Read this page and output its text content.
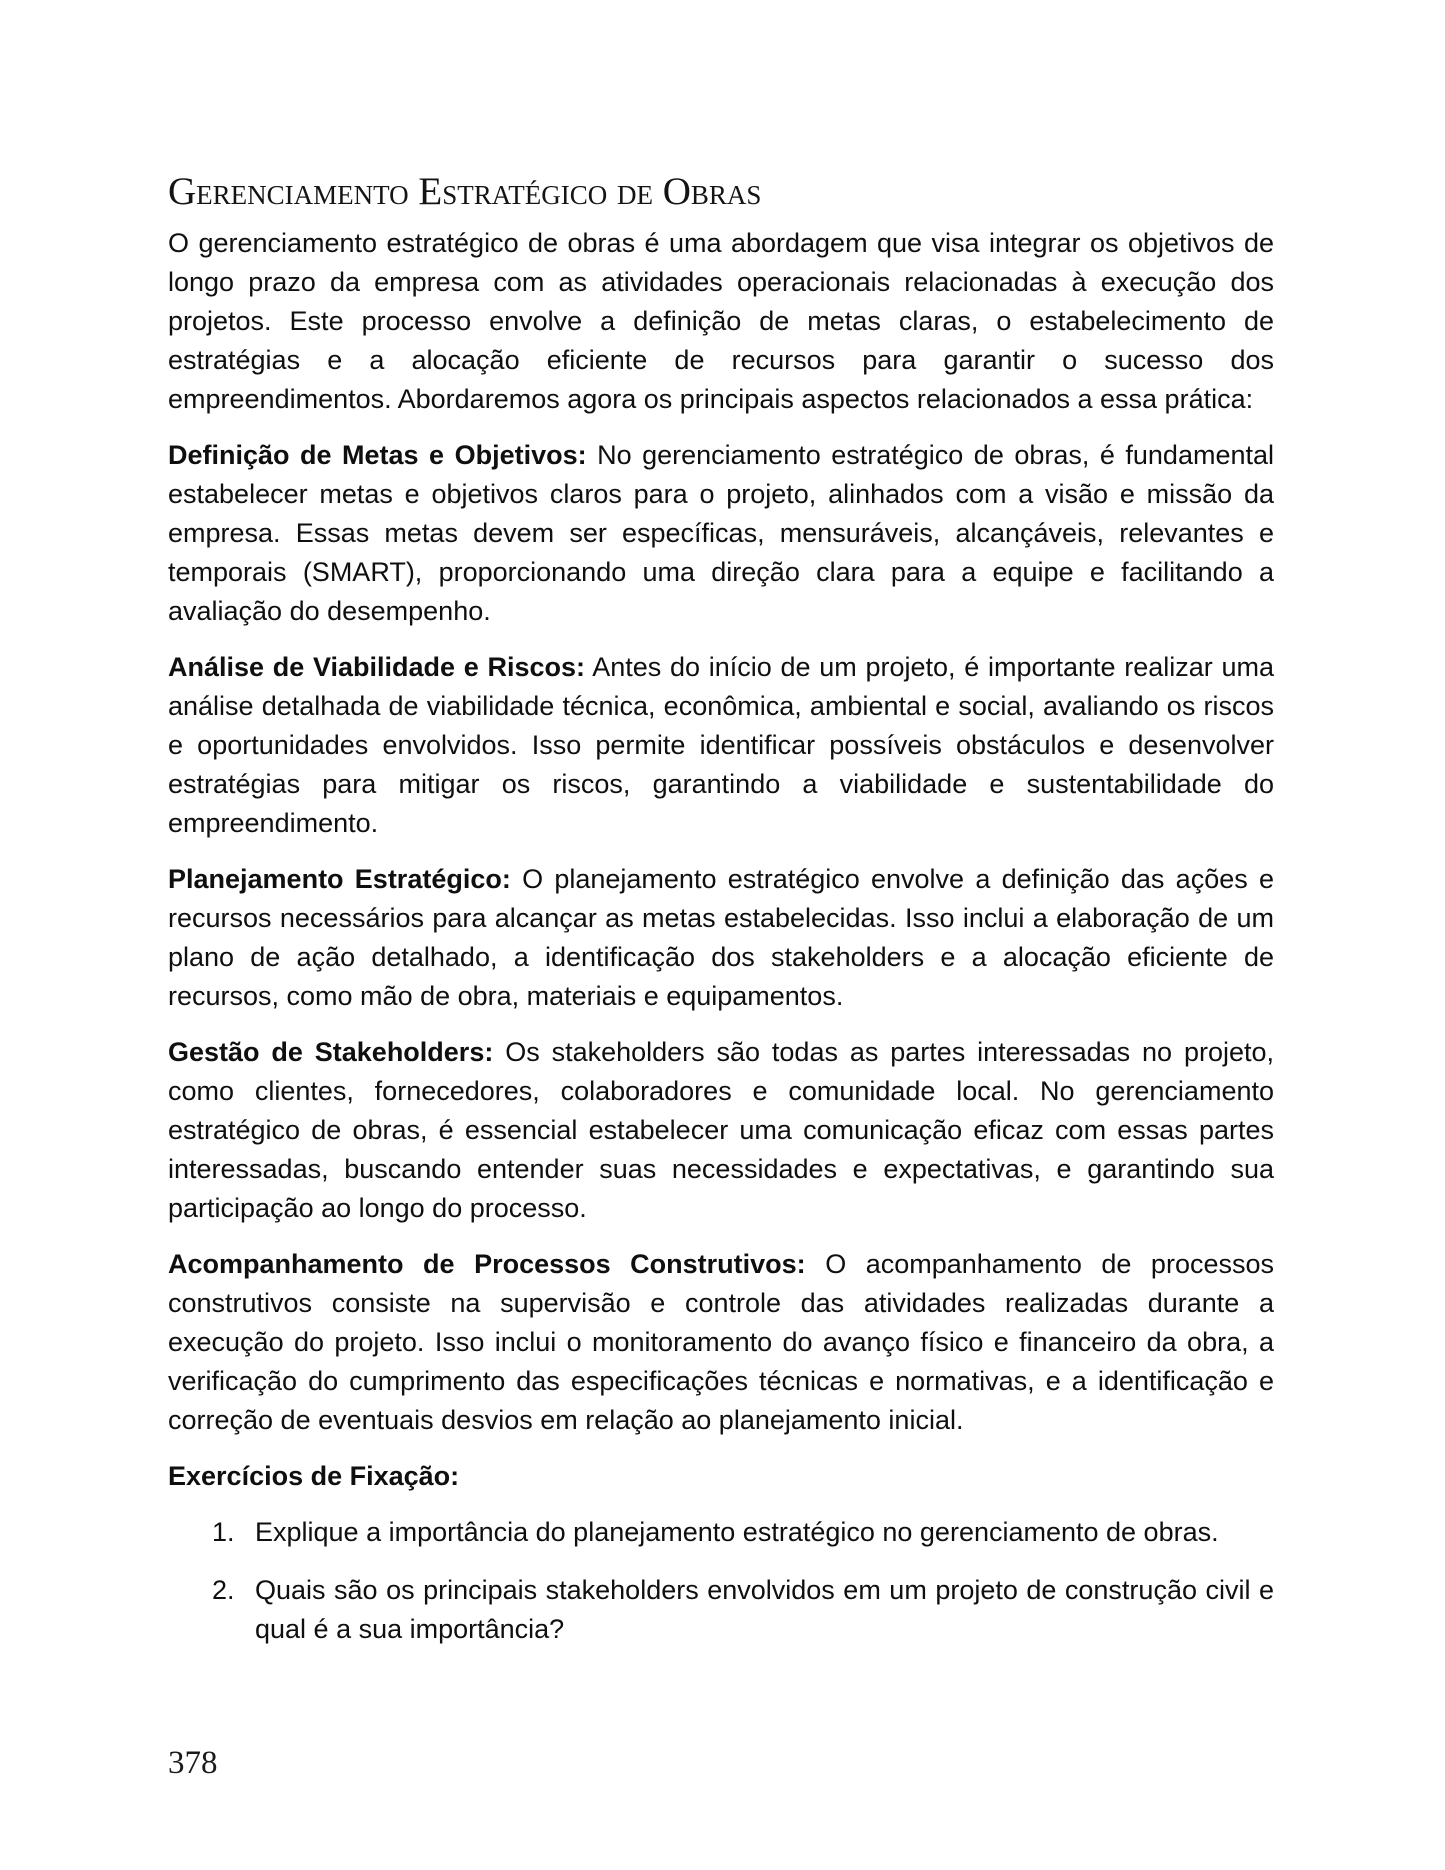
Gerenciamento Estratégico de Obras

O gerenciamento estratégico de obras é uma abordagem que visa integrar os objetivos de longo prazo da empresa com as atividades operacionais relacionadas à execução dos projetos. Este processo envolve a definição de metas claras, o estabelecimento de estratégias e a alocação eficiente de recursos para garantir o sucesso dos empreendimentos. Abordaremos agora os principais aspectos relacionados a essa prática:

Definição de Metas e Objetivos: No gerenciamento estratégico de obras, é fundamental estabelecer metas e objetivos claros para o projeto, alinhados com a visão e missão da empresa. Essas metas devem ser específicas, mensuráveis, alcançáveis, relevantes e temporais (SMART), proporcionando uma direção clara para a equipe e facilitando a avaliação do desempenho.

Análise de Viabilidade e Riscos: Antes do início de um projeto, é importante realizar uma análise detalhada de viabilidade técnica, econômica, ambiental e social, avaliando os riscos e oportunidades envolvidos. Isso permite identificar possíveis obstáculos e desenvolver estratégias para mitigar os riscos, garantindo a viabilidade e sustentabilidade do empreendimento.

Planejamento Estratégico: O planejamento estratégico envolve a definição das ações e recursos necessários para alcançar as metas estabelecidas. Isso inclui a elaboração de um plano de ação detalhado, a identificação dos stakeholders e a alocação eficiente de recursos, como mão de obra, materiais e equipamentos.

Gestão de Stakeholders: Os stakeholders são todas as partes interessadas no projeto, como clientes, fornecedores, colaboradores e comunidade local. No gerenciamento estratégico de obras, é essencial estabelecer uma comunicação eficaz com essas partes interessadas, buscando entender suas necessidades e expectativas, e garantindo sua participação ao longo do processo.

Acompanhamento de Processos Construtivos: O acompanhamento de processos construtivos consiste na supervisão e controle das atividades realizadas durante a execução do projeto. Isso inclui o monitoramento do avanço físico e financeiro da obra, a verificação do cumprimento das especificações técnicas e normativas, e a identificação e correção de eventuais desvios em relação ao planejamento inicial.

Exercícios de Fixação:

1. Explique a importância do planejamento estratégico no gerenciamento de obras.
2. Quais são os principais stakeholders envolvidos em um projeto de construção civil e qual é a sua importância?
378
